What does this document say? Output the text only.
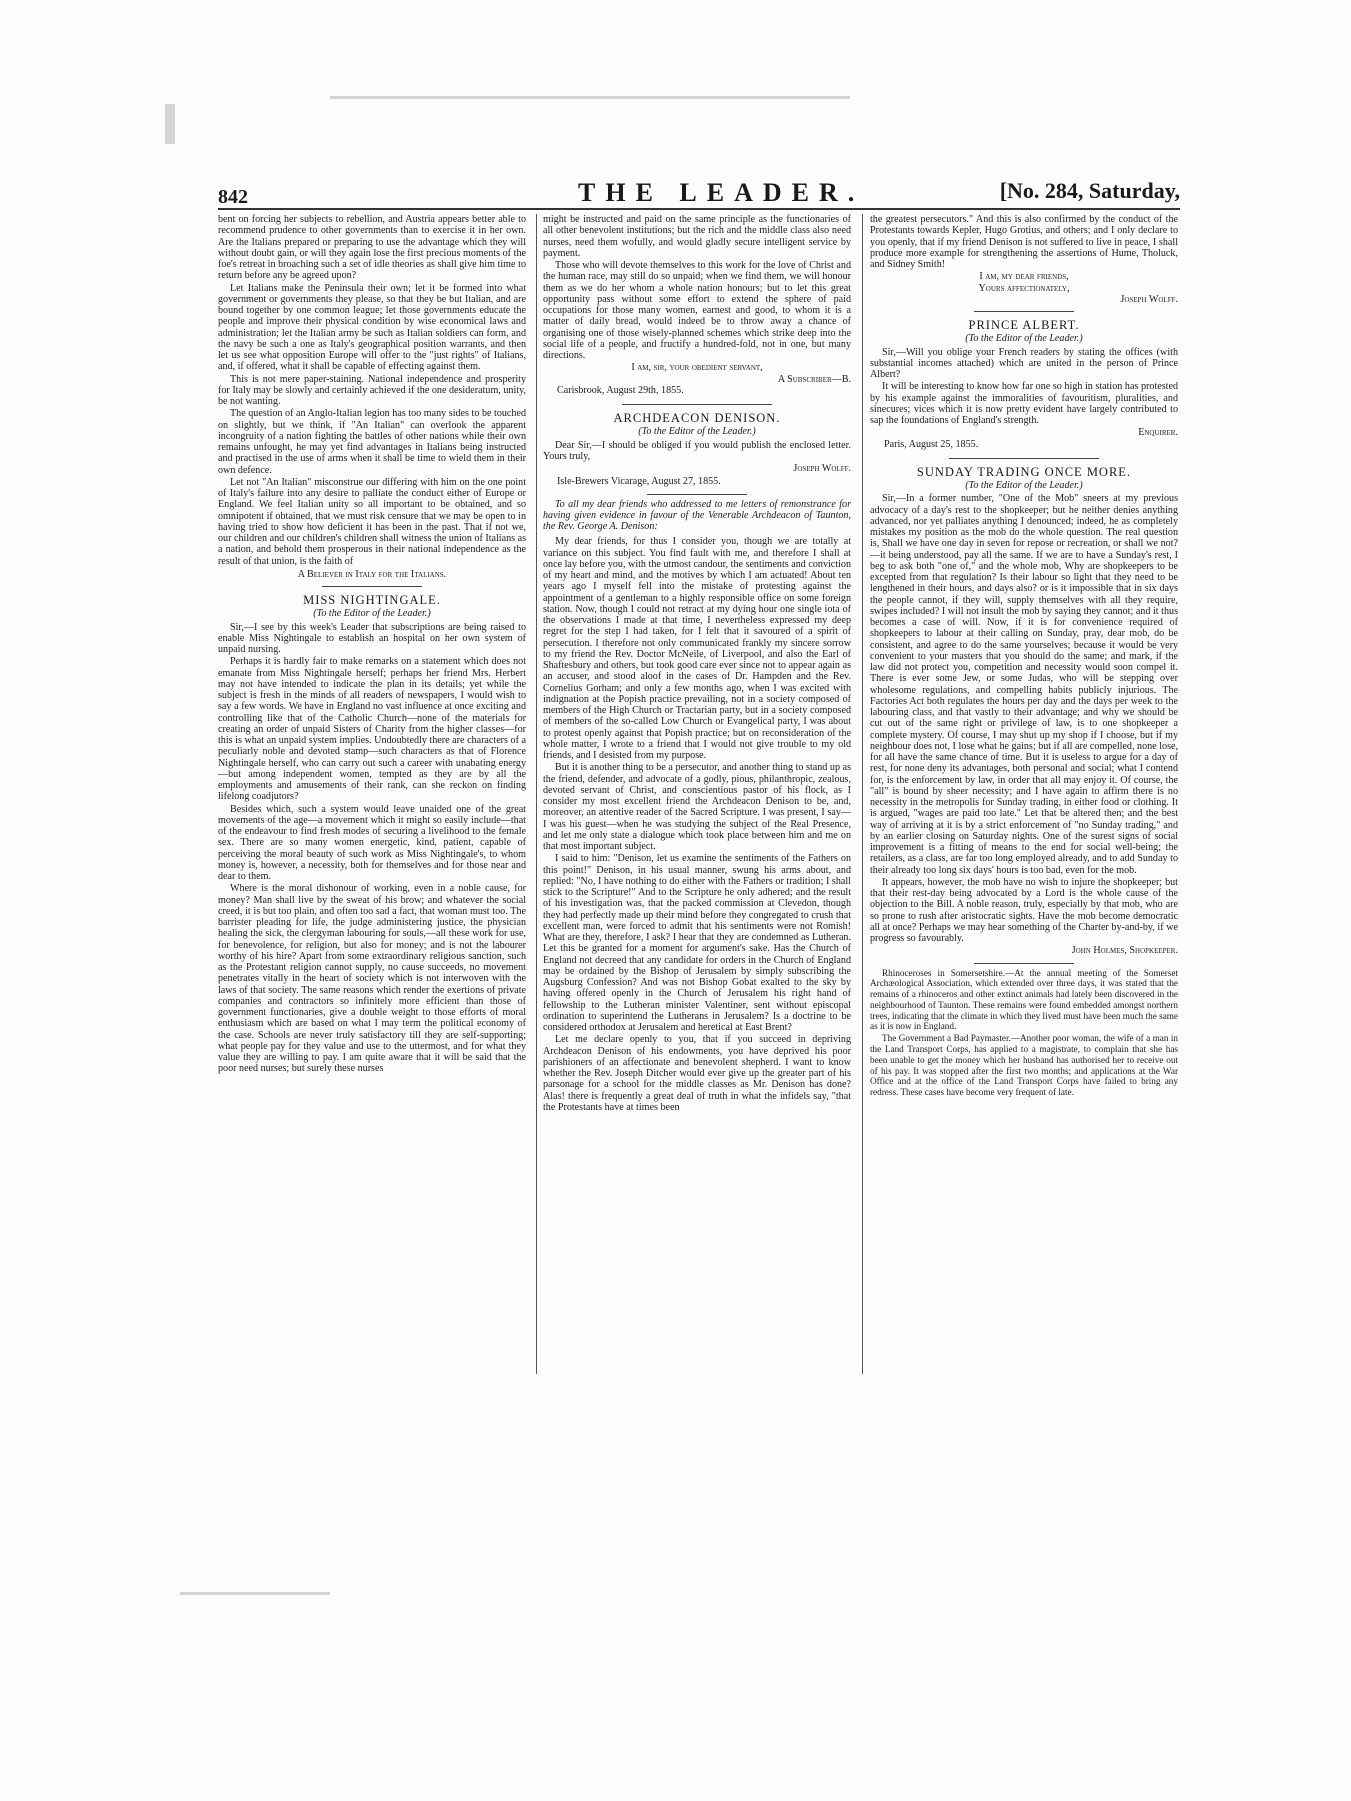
842	THE LEADER.	[No. 284, Saturday,

bent on forcing her subjects to rebellion, and Austria appears better able to recommend prudence to other governments than to exercise it in her own. Are the Italians prepared or preparing to use the advantage which they will without doubt gain, or will they again lose the first precious moments of the foe's retreat in broaching such a set of idle theories as shall give him time to return before any be agreed upon?

Let Italians make the Peninsula their own; let it be formed into what government or governments they please, so that they be but Italian, and are bound together by one common league; let those governments educate the people and improve their physical condition by wise economical laws and administration; let the Italian army be such as Italian soldiers can form, and the navy be such a one as Italy's geographical position warrants, and then let us see what opposition Europe will offer to the "just rights" of Italians, and, if offered, what it shall be capable of effecting against them.

This is not mere paper-staining. National independence and prosperity for Italy may be slowly and certainly achieved if the one desideratum, unity, be not wanting.

The question of an Anglo-Italian legion has too many sides to be touched on slightly, but we think, if "An Italian" can overlook the apparent incongruity of a nation fighting the battles of other nations while their own remains unfought, he may yet find advantages in Italians being instructed and practised in the use of arms when it shall be time to wield them in their own defence.

Let not "An Italian" misconstrue our differing with him on the one point of Italy's failure into any desire to palliate the conduct either of Europe or England. We feel Italian unity so all important to be obtained, and so omnipotent if obtained, that we must risk censure that we may be open to in having tried to show how deficient it has been in the past. That if not we, our children and our children's children shall witness the union of Italians as a nation, and behold them prosperous in their national independence as the result of that union, is the faith of

A Believer in Italy for the Italians.
MISS NIGHTINGALE.
(To the Editor of the Leader.)

Sir,—I see by this week's Leader that subscriptions are being raised to enable Miss Nightingale to establish an hospital on her own system of unpaid nursing.

Perhaps it is hardly fair to make remarks on a statement which does not emanate from Miss Nightingale herself; perhaps her friend Mrs. Herbert may not have intended to indicate the plan in its details; yet while the subject is fresh in the minds of all readers of newspapers, I would wish to say a few words. We have in England no vast influence at once exciting and controlling like that of the Catholic Church—none of the materials for creating an order of unpaid Sisters of Charity from the higher classes—for this is what an unpaid system implies. Undoubtedly there are characters of a peculiarly noble and devoted stamp—such characters as that of Florence Nightingale herself, who can carry out such a career with unabating energy—but among independent women, tempted as they are by all the employments and amusements of their rank, can she reckon on finding lifelong coadjutors?

Besides which, such a system would leave unaided one of the great movements of the age—a movement which it might so easily include—that of the endeavour to find fresh modes of securing a livelihood to the female sex. There are so many women energetic, kind, patient, capable of perceiving the moral beauty of such work as Miss Nightingale's, to whom money is, however, a necessity, both for themselves and for those near and dear to them.

Where is the moral dishonour of working, even in a noble cause, for money? Man shall live by the sweat of his brow; and whatever the social creed, it is but too plain, and often too sad a fact, that woman must too. The barrister pleading for life, the judge administering justice, the physician healing the sick, the clergyman labouring for souls,—all these work for use, for benevolence, for religion, but also for money; and is not the labourer worthy of his hire? Apart from some extraordinary religious sanction, such as the Protestant religion cannot supply, no cause succeeds, no movement penetrates vitally in the heart of society which is not interwoven with the laws of that society. The same reasons which render the exertions of private companies and contractors so infinitely more efficient than those of government functionaries, give a double weight to those efforts of moral enthusiasm which are based on what I may term the political economy of the case. Schools are never truly satisfactory till they are self-supporting; what people pay for they value and use to the uttermost, and for what they value they are willing to pay. I am quite aware that it will be said that the poor need nurses; but surely these nurses

might be instructed and paid on the same principle as the functionaries of all other benevolent institutions; but the rich and the middle class also need nurses, need them wofully, and would gladly secure intelligent service by payment.

Those who will devote themselves to this work for the love of Christ and the human race, may still do so unpaid; when we find them, we will honour them as we do her whom a whole nation honours; but to let this great opportunity pass without some effort to extend the sphere of paid occupations for those many women, earnest and good, to whom it is a matter of daily bread, would indeed be to throw away a chance of organising one of those wisely-planned schemes which strike deep into the social life of a people, and fructify a hundred-fold, not in one, but many directions.

I am, sir, your obedient servant,
A Subscriber—B.

Carisbrook, August 29th, 1855.

ARCHDEACON DENISON.
(To the Editor of the Leader.)

Dear Sir,—I should be obliged if you would publish the enclosed letter. Yours truly,

Joseph Wolff.

Isle-Brewers Vicarage, August 27, 1855.

To all my dear friends who addressed to me letters of remonstrance for having given evidence in favour of the Venerable Archdeacon of Taunton, the Rev. George A. Denison:

My dear friends, for thus I consider you, though we are totally at variance on this subject. You find fault with me, and therefore I shall at once lay before you, with the utmost candour, the sentiments and conviction of my heart and mind, and the motives by which I am actuated! About ten years ago I myself fell into the mistake of protesting against the appointment of a gentleman to a highly responsible office on some foreign station. Now, though I could not retract at my dying hour one single iota of the observations I made at that time, I nevertheless expressed my deep regret for the step I had taken, for I felt that it savoured of a spirit of persecution. I therefore not only communicated frankly my sincere sorrow to my friend the Rev. Doctor McNeile, of Liverpool, and also the Earl of Shaftesbury and others, but took good care ever since not to appear again as an accuser, and stood aloof in the cases of Dr. Hampden and the Rev. Cornelius Gorham; and only a few months ago, when I was excited with indignation at the Popish practice prevailing, not in a society composed of members of the High Church or Tractarian party, but in a society composed of members of the so-called Low Church or Evangelical party, I was about to protest openly against that Popish practice; but on reconsideration of the whole matter, I wrote to a friend that I would not give trouble to my old friends, and I desisted from my purpose.

But it is another thing to be a persecutor, and another thing to stand up as the friend, defender, and advocate of a godly, pious, philanthropic, zealous, devoted servant of Christ, and conscientious pastor of his flock, as I consider my most excellent friend the Archdeacon Denison to be, and, moreover, an attentive reader of the Sacred Scripture. I was present, I say—I was his guest—when he was studying the subject of the Real Presence, and let me only state a dialogue which took place between him and me on that most important subject.

I said to him: "Denison, let us examine the sentiments of the Fathers on this point!" Denison, in his usual manner, swung his arms about, and replied: "No, I have nothing to do either with the Fathers or tradition; I shall stick to the Scripture!" And to the Scripture he only adhered; and the result of his investigation was, that the packed commission at Clevedon, though they had perfectly made up their mind before they congregated to crush that excellent man, were forced to admit that his sentiments were not Romish! What are they, therefore, I ask? I hear that they are condemned as Lutheran. Let this be granted for a moment for argument's sake. Has the Church of England not decreed that any candidate for orders in the Church of England may be ordained by the Bishop of Jerusalem by simply subscribing the Augsburg Confession? And was not Bishop Gobat exalted to the sky by having offered openly in the Church of Jerusalem his right hand of fellowship to the Lutheran minister Valentiner, sent without episcopal ordination to superintend the Lutherans in Jerusalem? Is a doctrine to be considered orthodox at Jerusalem and heretical at East Brent?

Let me declare openly to you, that if you succeed in depriving Archdeacon Denison of his endowments, you have deprived his poor parishioners of an affectionate and benevolent shepherd. I want to know whether the Rev. Joseph Ditcher would ever give up the greater part of his parsonage for a school for the middle classes as Mr. Denison has done? Alas! there is frequently a great deal of truth in what the infidels say, "that the Protestants have at times been

the greatest persecutors." And this is also confirmed by the conduct of the Protestants towards Kepler, Hugo Grotius, and others; and I only declare to you openly, that if my friend Denison is not suffered to live in peace, I shall produce more example for strengthening the assertions of Hume, Tholuck, and Sidney Smith!

I am, my dear friends,
Yours affectionately,
Joseph Wolff.
PRINCE ALBERT.
(To the Editor of the Leader.)

Sir,—Will you oblige your French readers by stating the offices (with substantial incomes attached) which are united in the person of Prince Albert?

It will be interesting to know how far one so high in station has protested by his example against the immoralities of favouritism, pluralities, and sinecures; vices which it is now pretty evident have largely contributed to sap the foundations of England's strength.

Enquirer.

Paris, August 25, 1855.

SUNDAY TRADING ONCE MORE.
(To the Editor of the Leader.)

Sir,—In a former number, "One of the Mob" sneers at my previous advocacy of a day's rest to the shopkeeper; but he neither denies anything advanced, nor yet palliates anything I denounced; indeed, he as completely mistakes my position as the mob do the whole question. The real question is, Shall we have one day in seven for repose or recreation, or shall we not?—it being understood, pay all the same. If we are to have a Sunday's rest, I beg to ask both "one of," and the whole mob, Why are shopkeepers to be excepted from that regulation? Is their labour so light that they need to be lengthened in their hours, and days also? or is it impossible that in six days the people cannot, if they will, supply themselves with all they require, swipes included? I will not insult the mob by saying they cannot; and it thus becomes a case of will. Now, if it is for convenience required of shopkeepers to labour at their calling on Sunday, pray, dear mob, do be consistent, and agree to do the same yourselves; because it would be very convenient to your masters that you should do the same; and mark, if the law did not protect you, competition and necessity would soon compel it. There is ever some Jew, or some Judas, who will be stepping over wholesome regulations, and compelling habits publicly injurious. The Factories Act both regulates the hours per day and the days per week to the labouring class, and that vastly to their advantage; and why we should be cut out of the same right or privilege of law, is to one shopkeeper a complete mystery. Of course, I may shut up my shop if I choose, but if my neighbour does not, I lose what he gains; but if all are compelled, none lose, for all have the same chance of time. But it is useless to argue for a day of rest, for none deny its advantages, both personal and social; what I contend for, is the enforcement by law, in order that all may enjoy it. Of course, the "all" is bound by sheer necessity; and I have again to affirm there is no necessity in the metropolis for Sunday trading, in either food or clothing. It is argued, "wages are paid too late." Let that be altered then; and the best way of arriving at it is by a strict enforcement of "no Sunday trading," and by an earlier closing on Saturday nights. One of the surest signs of social improvement is a fitting of means to the end for social well-being; the retailers, as a class, are far too long employed already, and to add Sunday to their already too long six days' hours is too bad, even for the mob.

It appears, however, the mob have no wish to injure the shopkeeper; but that their rest-day being advocated by a Lord is the whole cause of the objection to the Bill. A noble reason, truly, especially by that mob, who are so prone to rush after aristocratic sights. Have the mob become democratic all at once? Perhaps we may hear something of the Charter by-and-by, if we progress so favourably.

John Holmes, Shopkeeper.

Rhinoceroses in Somersetshire.—At the annual meeting of the Somerset Archæological Association, which extended over three days, it was stated that the remains of a rhinoceros and other extinct animals had lately been discovered in the neighbourhood of Taunton. These remains were found embedded amongst northern trees, indicating that the climate in which they lived must have been much the same as it is now in England.

The Government a Bad Paymaster.—Another poor woman, the wife of a man in the Land Transport Corps, has applied to a magistrate, to complain that she has been unable to get the money which her husband has authorised her to receive out of his pay. It was stopped after the first two months; and applications at the War Office and at the office of the Land Transport Corps have failed to bring any redress. These cases have become very frequent of late.
